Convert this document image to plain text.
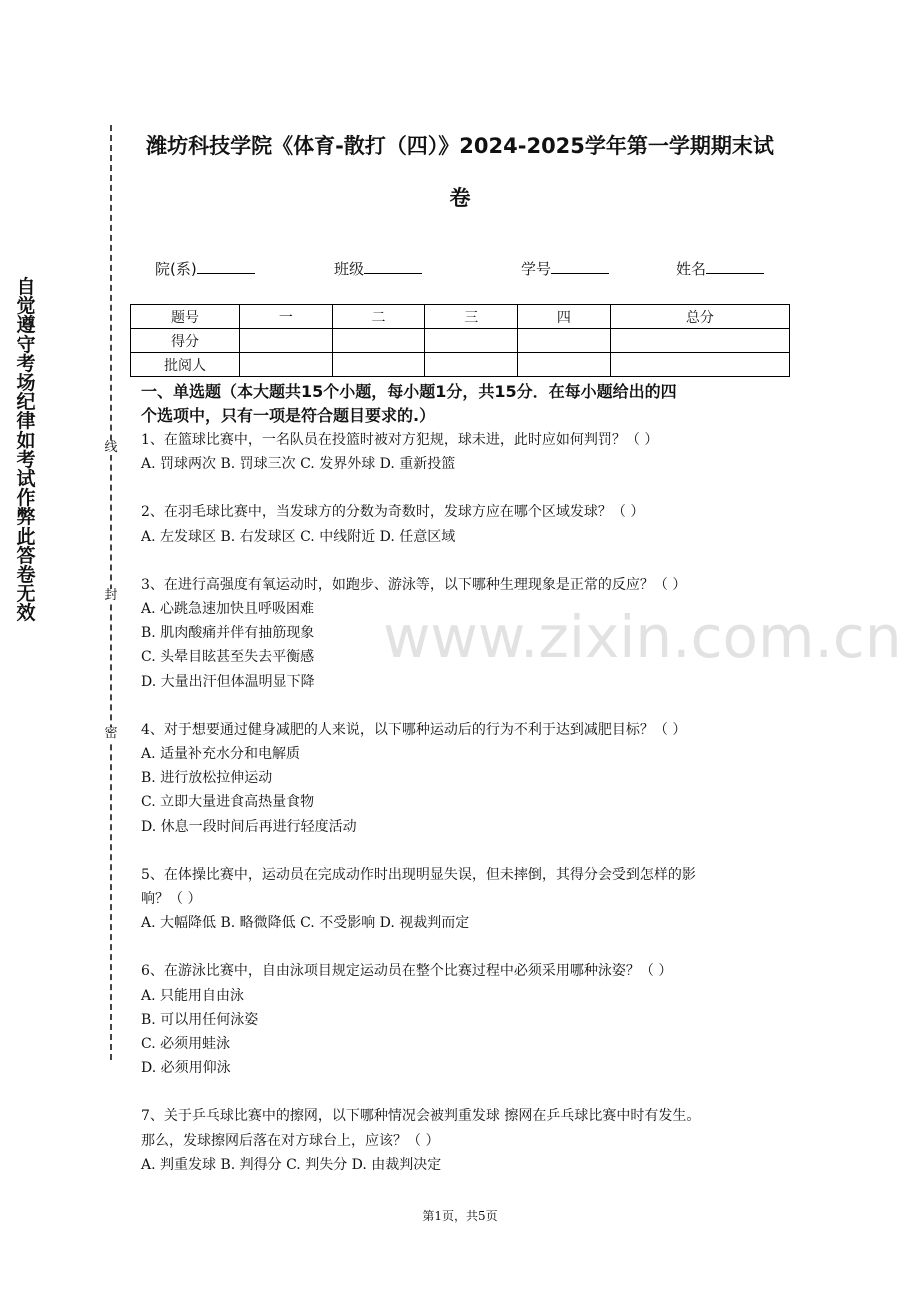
自觉遵守考场纪律如考试作弊此答卷无效
线
封
密
潍坊科技学院《体育-散打（四）》2024-2025学年第一学期期末试
卷
院(系)	班级	学号	姓名
题号	一	二	三	四	总分
得分					
批阅人					
一、单选题（本大题共15个小题，每小题1分，共15分．在每小题给出的四
个选项中，只有一项是符合题目要求的.）
www.zixin.com.cn
1、在篮球比赛中，一名队员在投篮时被对方犯规，球未进，此时应如何判罚？（ ）
A. 罚球两次 B. 罚球三次 C. 发界外球 D. 重新投篮
2、在羽毛球比赛中，当发球方的分数为奇数时，发球方应在哪个区域发球？（ ）
A. 左发球区 B. 右发球区 C. 中线附近 D. 任意区域
3、在进行高强度有氧运动时，如跑步、游泳等，以下哪种生理现象是正常的反应？（ ）
A. 心跳急速加快且呼吸困难
B. 肌肉酸痛并伴有抽筋现象
C. 头晕目眩甚至失去平衡感
D. 大量出汗但体温明显下降
4、对于想要通过健身减肥的人来说，以下哪种运动后的行为不利于达到减肥目标？（ ）
A. 适量补充水分和电解质
B. 进行放松拉伸运动
C. 立即大量进食高热量食物
D. 休息一段时间后再进行轻度活动
5、在体操比赛中，运动员在完成动作时出现明显失误，但未摔倒，其得分会受到怎样的影
响？（ ）
A. 大幅降低 B. 略微降低 C. 不受影响 D. 视裁判而定
6、在游泳比赛中，自由泳项目规定运动员在整个比赛过程中必须采用哪种泳姿？（ ）
A. 只能用自由泳
B. 可以用任何泳姿
C. 必须用蛙泳
D. 必须用仰泳
7、关于乒乓球比赛中的擦网，以下哪种情况会被判重发球 擦网在乒乓球比赛中时有发生。
那么，发球擦网后落在对方球台上，应该？（ ）
A. 判重发球 B. 判得分 C. 判失分 D. 由裁判决定
第1页，共5页
